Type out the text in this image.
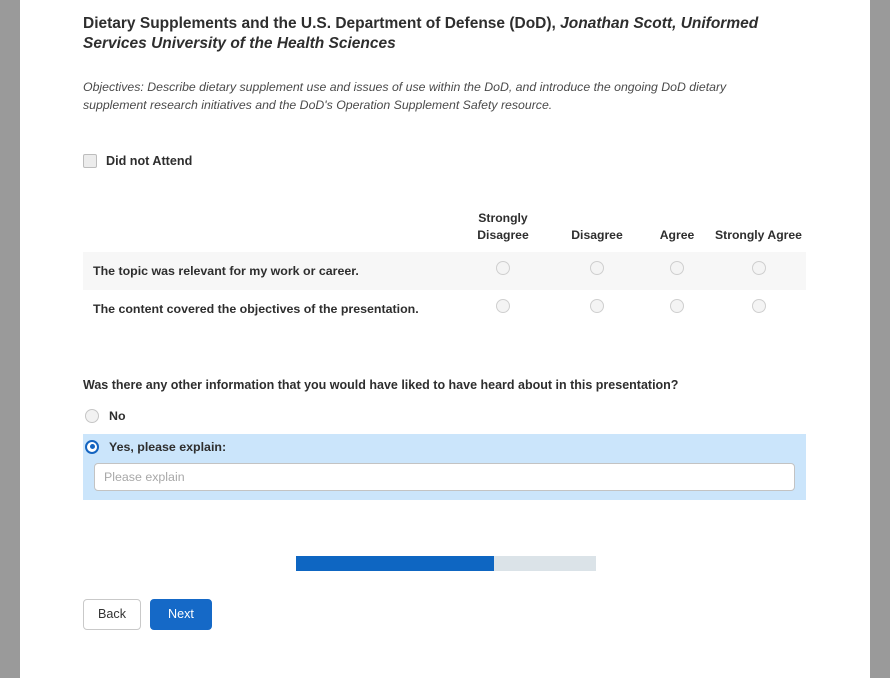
Dietary Supplements and the U.S. Department of Defense (DoD), Jonathan Scott, Uniformed Services University of the Health Sciences

Objectives: Describe dietary supplement use and issues of use within the DoD, and introduce the ongoing DoD dietary supplement research initiatives and the DoD's Operation Supplement Safety resource.

Did not Attend
	Strongly Disagree	Disagree	Agree	Strongly Agree
The topic was relevant for my work or career.				
The content covered the objectives of the presentation.				
Was there any other information that you would have liked to have heard about in this presentation?
No
Yes, please explain:
Please explain
Back	Next
